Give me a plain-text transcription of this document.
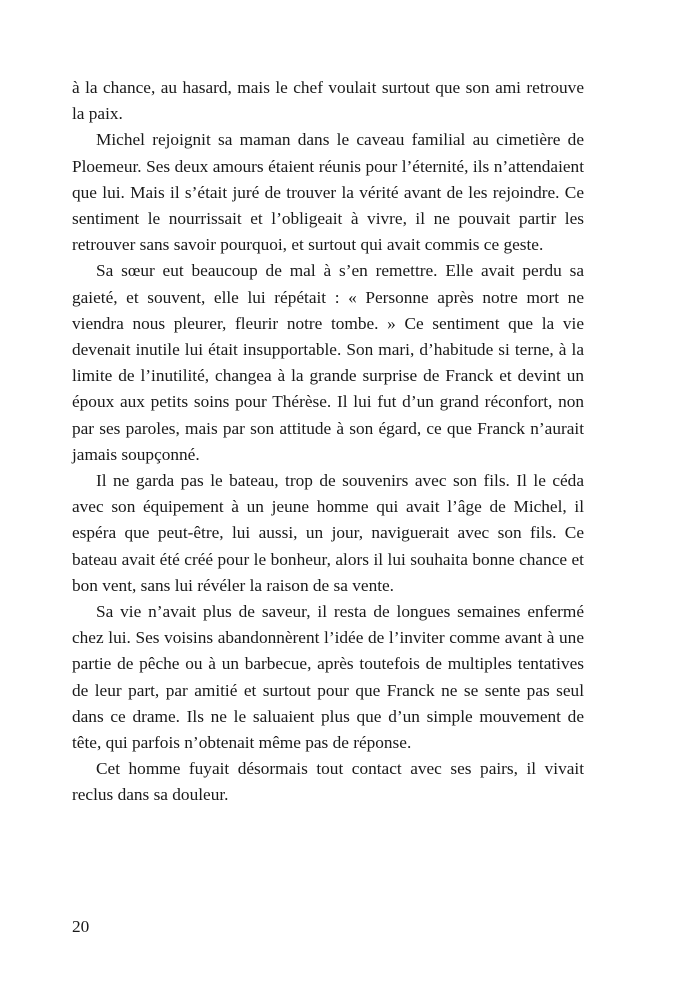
à la chance, au hasard, mais le chef voulait surtout que son ami retrouve la paix.

Michel rejoignit sa maman dans le caveau familial au cimetière de Ploemeur. Ses deux amours étaient réunis pour l’éternité, ils n’attendaient que lui. Mais il s’était juré de trouver la vérité avant de les rejoindre. Ce sentiment le nourrissait et l’obligeait à vivre, il ne pouvait partir les retrouver sans savoir pourquoi, et surtout qui avait commis ce geste.

Sa sœur eut beaucoup de mal à s’en remettre. Elle avait perdu sa gaieté, et souvent, elle lui répétait : « Personne après notre mort ne viendra nous pleurer, fleurir notre tombe. » Ce sentiment que la vie devenait inutile lui était insupportable. Son mari, d’habitude si terne, à la limite de l’inutilité, changea à la grande surprise de Franck et devint un époux aux petits soins pour Thérèse. Il lui fut d’un grand réconfort, non par ses paroles, mais par son attitude à son égard, ce que Franck n’aurait jamais soupçonné.

Il ne garda pas le bateau, trop de souvenirs avec son fils. Il le céda avec son équipement à un jeune homme qui avait l’âge de Michel, il espéra que peut-être, lui aussi, un jour, naviguerait avec son fils. Ce bateau avait été créé pour le bonheur, alors il lui souhaita bonne chance et bon vent, sans lui révéler la raison de sa vente.

Sa vie n’avait plus de saveur, il resta de longues semaines enfermé chez lui. Ses voisins abandonnèrent l’idée de l’inviter comme avant à une partie de pêche ou à un barbecue, après toutefois de multiples tentatives de leur part, par amitié et surtout pour que Franck ne se sente pas seul dans ce drame. Ils ne le saluaient plus que d’un simple mouvement de tête, qui parfois n’obtenait même pas de réponse.

Cet homme fuyait désormais tout contact avec ses pairs, il vivait reclus dans sa douleur.

20
